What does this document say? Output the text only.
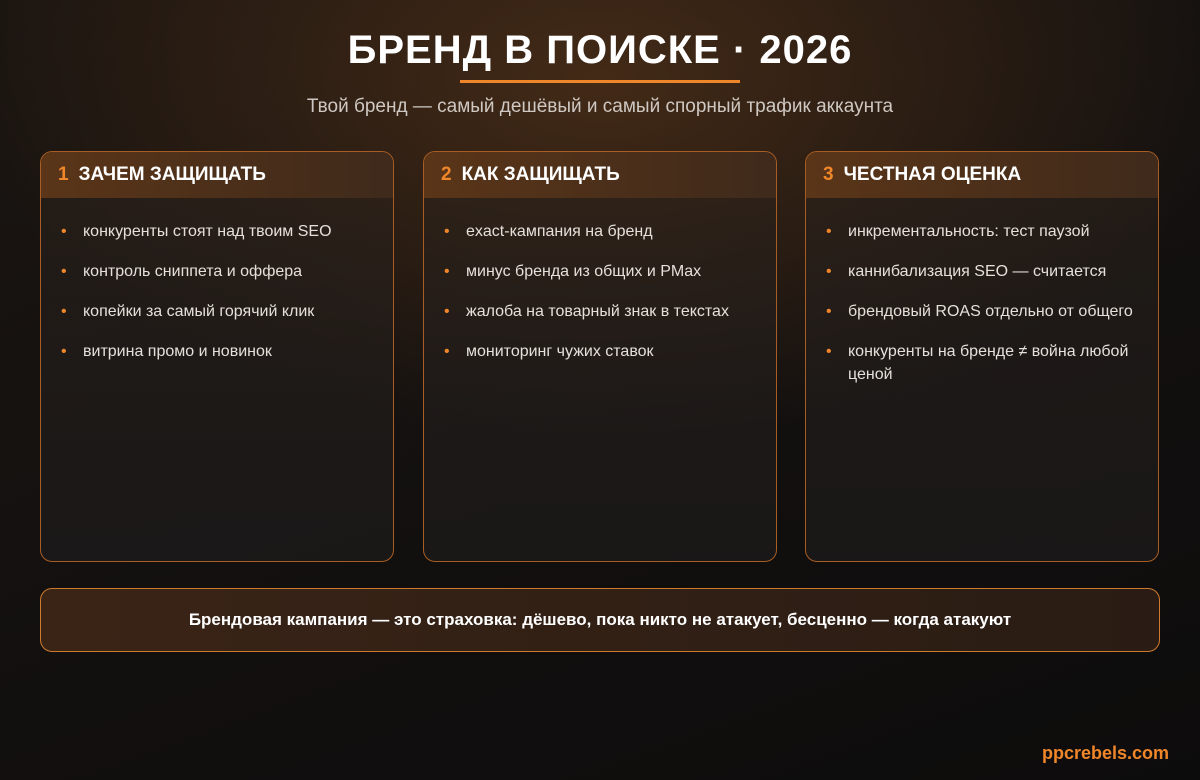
БРЕНД В ПОИСКЕ · 2026
Твой бренд — самый дешёвый и самый спорный трафик аккаунта
1 ЗАЧЕМ ЗАЩИЩАТЬ
• конкуренты стоят над твоим SEO
• контроль сниппета и оффера
• копейки за самый горячий клик
• витрина промо и новинок
2 КАК ЗАЩИЩАТЬ
• exact-кампания на бренд
• минус бренда из общих и PMax
• жалоба на товарный знак в текстах
• мониторинг чужих ставок
3 ЧЕСТНАЯ ОЦЕНКА
• инкрементальность: тест паузой
• каннибализация SEO — считается
• брендовый ROAS отдельно от общего
• конкуренты на бренде ≠ война любой ценой
Брендовая кампания — это страховка: дёшево, пока никто не атакует, бесценно — когда атакуют
ppcrebels.com
